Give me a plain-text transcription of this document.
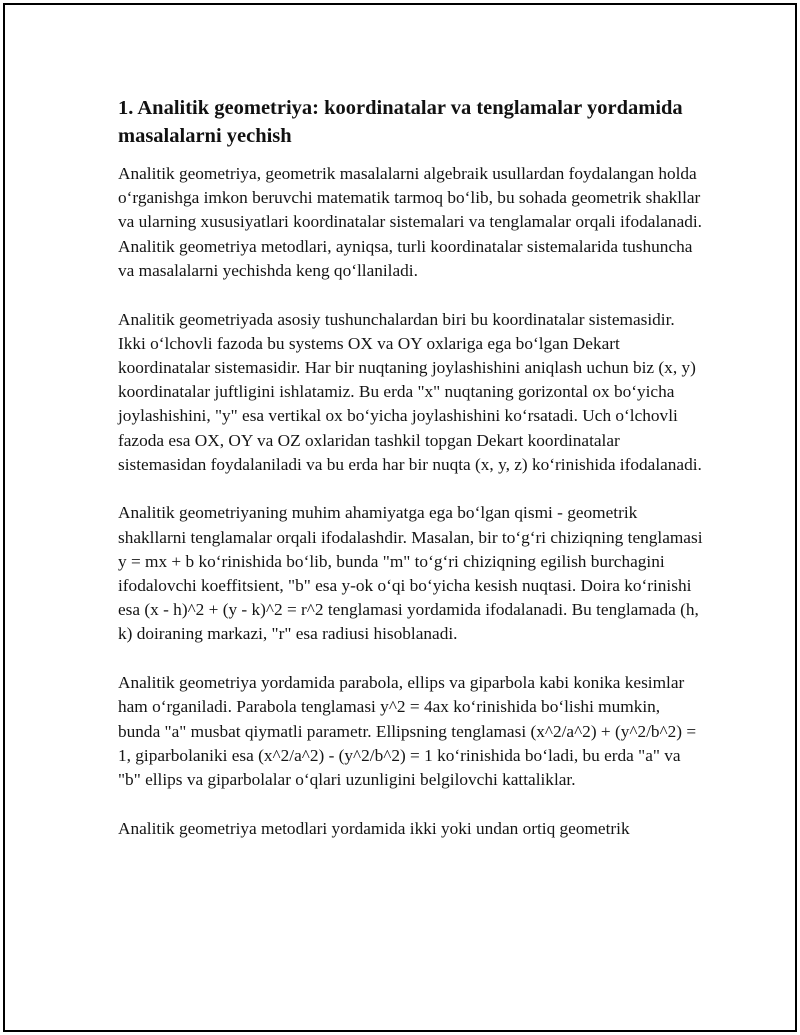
1. Analitik geometriya: koordinatalar va tenglamalar yordamida masalalarni yechish

Analitik geometriya, geometrik masalalarni algebraik usullardan foydalangan holda oʻrganishga imkon beruvchi matematik tarmoq boʻlib, bu sohada geometrik shakllar va ularning xususiyatlari koordinatalar sistemalari va tenglamalar orqali ifodalanadi. Analitik geometriya metodlari, ayniqsa, turli koordinatalar sistemalarida tushuncha va masalalarni yechishda keng qoʻllaniladi.

Analitik geometriyada asosiy tushunchalardan biri bu koordinatalar sistemasidir. Ikki oʻlchovli fazoda bu systems OX va OY oxlariga ega boʻlgan Dekart koordinatalar sistemasidir. Har bir nuqtaning joylashishini aniqlash uchun biz (x, y) koordinatalar juftligini ishlatamiz. Bu erda "x" nuqtaning gorizontal ox boʻyicha joylashishini, "y" esa vertikal ox boʻyicha joylashishini koʻrsatadi. Uch oʻlchovli fazoda esa OX, OY va OZ oxlaridan tashkil topgan Dekart koordinatalar sistemasidan foydalaniladi va bu erda har bir nuqta (x, y, z) koʻrinishida ifodalanadi.

Analitik geometriyaning muhim ahamiyatga ega boʻlgan qismi - geometrik shakllarni tenglamalar orqali ifodalashdir. Masalan, bir toʻgʻri chiziqning tenglamasi y = mx + b koʻrinishida boʻlib, bunda "m" toʻgʻri chiziqning egilish burchagini ifodalovchi koeffitsient, "b" esa y-ok oʻqi boʻyicha kesish nuqtasi. Doira koʻrinishi esa (x - h)^2 + (y - k)^2 = r^2 tenglamasi yordamida ifodalanadi. Bu tenglamada (h, k) doiraning markazi, "r" esa radiusi hisoblanadi.

Analitik geometriya yordamida parabola, ellips va giparbola kabi konika kesimlar ham oʻrganiladi. Parabola tenglamasi y^2 = 4ax koʻrinishida boʻlishi mumkin, bunda "a" musbat qiymatli parametr. Ellipsning tenglamasi (x^2/a^2) + (y^2/b^2) = 1, giparbolaniki esa (x^2/a^2) - (y^2/b^2) = 1 koʻrinishida boʻladi, bu erda "a" va "b" ellips va giparbolalar oʻqlari uzunligini belgilovchi kattaliklar.

Analitik geometriya metodlari yordamida ikki yoki undan ortiq geometrik
